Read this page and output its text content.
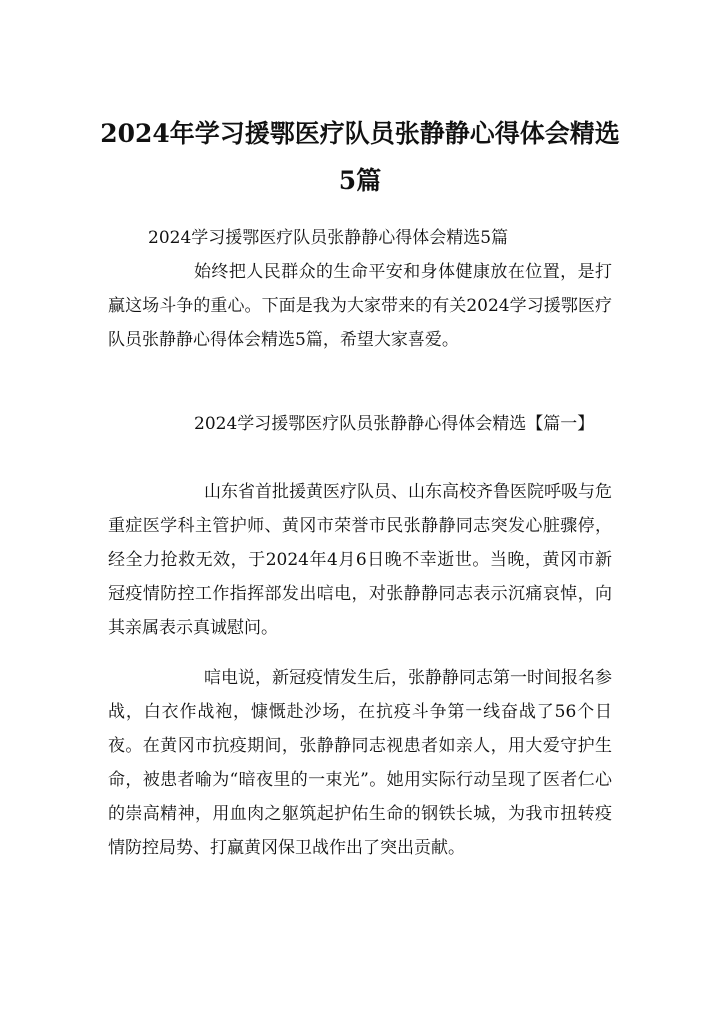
2024年学习援鄂医疗队员张静静心得体会精选5篇

2024学习援鄂医疗队员张静静心得体会精选5篇

始终把人民群众的生命平安和身体健康放在位置，是打赢这场斗争的重心。下面是我为大家带来的有关2024学习援鄂医疗队员张静静心得体会精选5篇，希望大家喜爱。

2024学习援鄂医疗队员张静静心得体会精选【篇一】

山东省首批援黄医疗队员、山东高校齐鲁医院呼吸与危重症医学科主管护师、黄冈市荣誉市民张静静同志突发心脏骤停，经全力抢救无效，于2024年4月6日晚不幸逝世。当晚，黄冈市新冠疫情防控工作指挥部发出唁电，对张静静同志表示沉痛哀悼，向其亲属表示真诚慰问。

唁电说，新冠疫情发生后，张静静同志第一时间报名参战，白衣作战袍，慷慨赴沙场，在抗疫斗争第一线奋战了56个日夜。在黄冈市抗疫期间，张静静同志视患者如亲人，用大爱守护生命，被患者喻为“暗夜里的一束光”。她用实际行动呈现了医者仁心的崇高精神，用血肉之躯筑起护佑生命的钢铁长城，为我市扭转疫情防控局势、打赢黄冈保卫战作出了突出贡献。
